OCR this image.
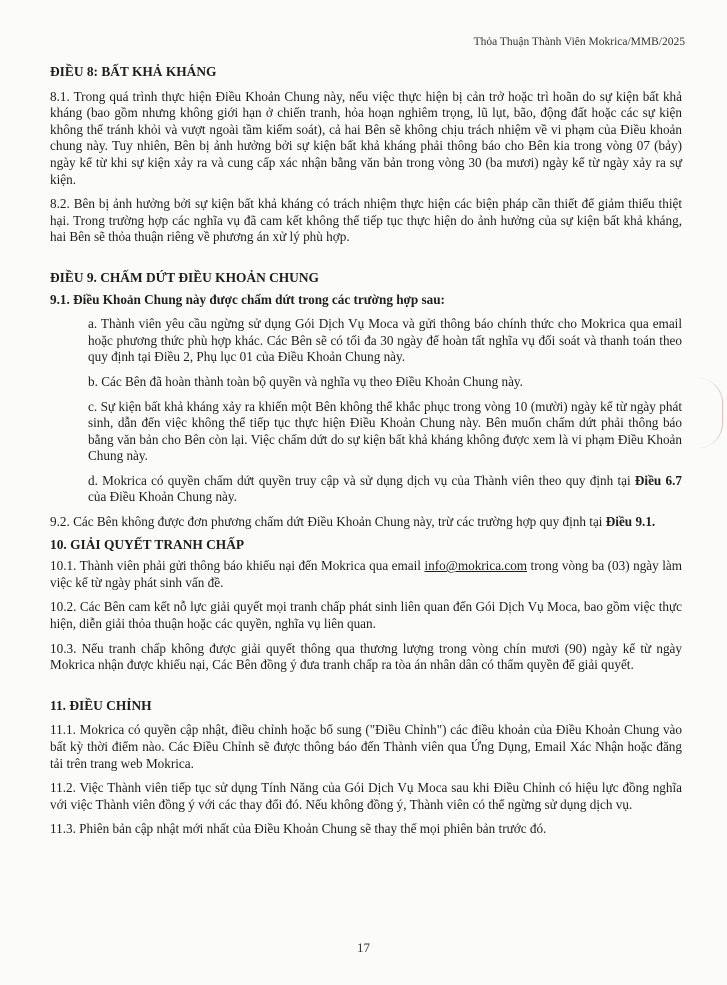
Thỏa Thuận Thành Viên Mokrica/MMB/2025

ĐIỀU 8: BẤT KHẢ KHÁNG

8.1. Trong quá trình thực hiện Điều Khoản Chung này, nếu việc thực hiện bị cản trở hoặc trì hoãn do sự kiện bất khả kháng (bao gồm nhưng không giới hạn ở chiến tranh, hỏa hoạn nghiêm trọng, lũ lụt, bão, động đất hoặc các sự kiện không thể tránh khỏi và vượt ngoài tầm kiểm soát), cả hai Bên sẽ không chịu trách nhiệm về vi phạm của Điều khoản chung này. Tuy nhiên, Bên bị ảnh hưởng bởi sự kiện bất khả kháng phải thông báo cho Bên kia trong vòng 07 (bảy) ngày kể từ khi sự kiện xảy ra và cung cấp xác nhận bằng văn bản trong vòng 30 (ba mươi) ngày kể từ ngày xảy ra sự kiện.

8.2. Bên bị ảnh hưởng bởi sự kiện bất khả kháng có trách nhiệm thực hiện các biện pháp cần thiết để giảm thiểu thiệt hại. Trong trường hợp các nghĩa vụ đã cam kết không thể tiếp tục thực hiện do ảnh hưởng của sự kiện bất khả kháng, hai Bên sẽ thỏa thuận riêng về phương án xử lý phù hợp.

ĐIỀU 9. CHẤM DỨT ĐIỀU KHOẢN CHUNG

9.1. Điều Khoản Chung này được chấm dứt trong các trường hợp sau:

a. Thành viên yêu cầu ngừng sử dụng Gói Dịch Vụ Moca và gửi thông báo chính thức cho Mokrica qua email hoặc phương thức phù hợp khác. Các Bên sẽ có tối đa 30 ngày để hoàn tất nghĩa vụ đối soát và thanh toán theo quy định tại Điều 2, Phụ lục 01 của Điều Khoản Chung này.

b. Các Bên đã hoàn thành toàn bộ quyền và nghĩa vụ theo Điều Khoản Chung này.

c. Sự kiện bất khả kháng xảy ra khiến một Bên không thể khắc phục trong vòng 10 (mười) ngày kể từ ngày phát sinh, dẫn đến việc không thể tiếp tục thực hiện Điều Khoản Chung này. Bên muốn chấm dứt phải thông báo bằng văn bản cho Bên còn lại. Việc chấm dứt do sự kiện bất khả kháng không được xem là vi phạm Điều Khoản Chung này.

d. Mokrica có quyền chấm dứt quyền truy cập và sử dụng dịch vụ của Thành viên theo quy định tại Điều 6.7 của Điều Khoản Chung này.

9.2. Các Bên không được đơn phương chấm dứt Điều Khoản Chung này, trừ các trường hợp quy định tại Điều 9.1.

10. GIẢI QUYẾT TRANH CHẤP

10.1. Thành viên phải gửi thông báo khiếu nại đến Mokrica qua email info@mokrica.com trong vòng ba (03) ngày làm việc kể từ ngày phát sinh vấn đề.

10.2. Các Bên cam kết nỗ lực giải quyết mọi tranh chấp phát sinh liên quan đến Gói Dịch Vụ Moca, bao gồm việc thực hiện, diễn giải thỏa thuận hoặc các quyền, nghĩa vụ liên quan.

10.3. Nếu tranh chấp không được giải quyết thông qua thương lượng trong vòng chín mươi (90) ngày kể từ ngày Mokrica nhận được khiếu nại, Các Bên đồng ý đưa tranh chấp ra tòa án nhân dân có thẩm quyền để giải quyết.

11. ĐIỀU CHỈNH

11.1. Mokrica có quyền cập nhật, điều chỉnh hoặc bổ sung ("Điều Chỉnh") các điều khoản của Điều Khoản Chung vào bất kỳ thời điểm nào. Các Điều Chỉnh sẽ được thông báo đến Thành viên qua Ứng Dụng, Email Xác Nhận hoặc đăng tải trên trang web Mokrica.

11.2. Việc Thành viên tiếp tục sử dụng Tính Năng của Gói Dịch Vụ Moca sau khi Điều Chỉnh có hiệu lực đồng nghĩa với việc Thành viên đồng ý với các thay đổi đó. Nếu không đồng ý, Thành viên có thể ngừng sử dụng dịch vụ.

11.3. Phiên bản cập nhật mới nhất của Điều Khoản Chung sẽ thay thế mọi phiên bản trước đó.

17
